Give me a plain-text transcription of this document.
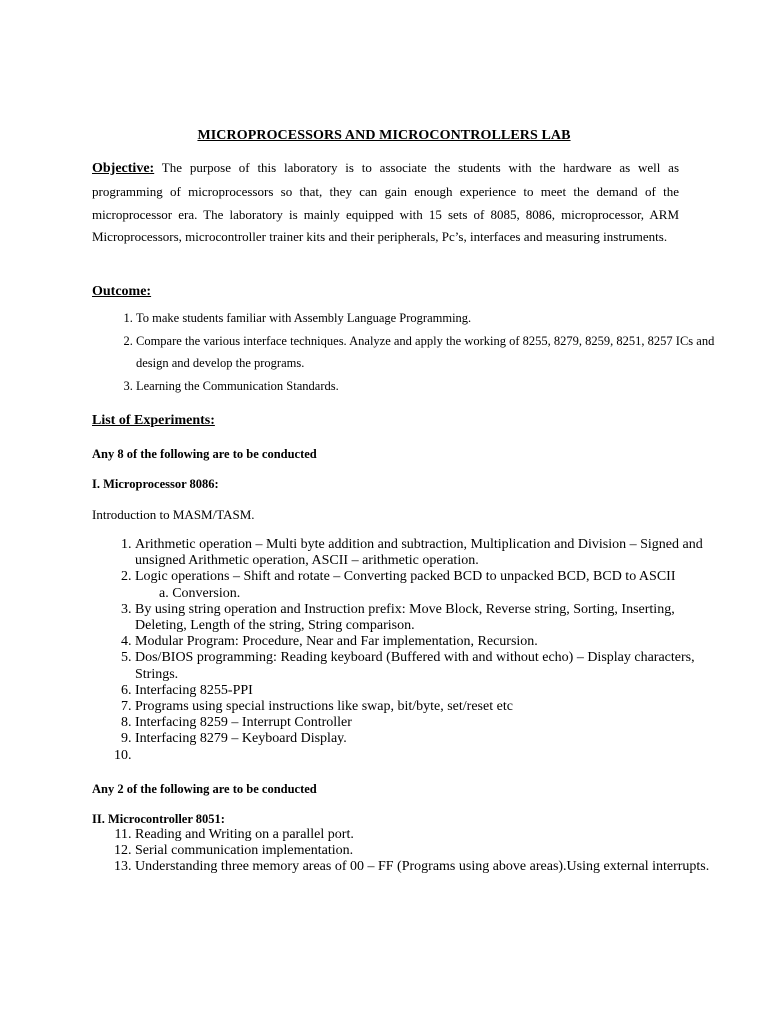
MICROPROCESSORS AND MICROCONTROLLERS LAB
Objective: The purpose of this laboratory is to associate the students with the hardware as well as programming of microprocessors so that, they can gain enough experience to meet the demand of the microprocessor era. The laboratory is mainly equipped with 15 sets of 8085, 8086, microprocessor, ARM Microprocessors, microcontroller trainer kits and their peripherals, Pc’s, interfaces and measuring instruments.
Outcome:
1. To make students familiar with Assembly Language Programming.
2. Compare the various interface techniques. Analyze and apply the working of 8255, 8279, 8259, 8251, 8257 ICs and design and develop the programs.
3. Learning the Communication Standards.
List of Experiments:
Any 8 of the following are to be conducted
I. Microprocessor 8086:
Introduction to MASM/TASM.
1. Arithmetic operation – Multi byte addition and subtraction, Multiplication and Division – Signed and unsigned Arithmetic operation, ASCII – arithmetic operation.
2. Logic operations – Shift and rotate – Converting packed BCD to unpacked BCD, BCD to ASCII
a. Conversion.
3. By using string operation and Instruction prefix: Move Block, Reverse string, Sorting, Inserting, Deleting, Length of the string, String comparison.
4. Modular Program: Procedure, Near and Far implementation, Recursion.
5. Dos/BIOS programming: Reading keyboard (Buffered with and without echo) – Display characters, Strings.
6. Interfacing 8255-PPI
7. Programs using special instructions like swap, bit/byte, set/reset etc
8. Interfacing 8259 – Interrupt Controller
9. Interfacing 8279 – Keyboard Display.
10.
Any 2 of the following are to be conducted
II. Microcontroller 8051:
11. Reading and Writing on a parallel port.
12. Serial communication implementation.
13. Understanding three memory areas of 00 – FF (Programs using above areas).Using external interrupts.
